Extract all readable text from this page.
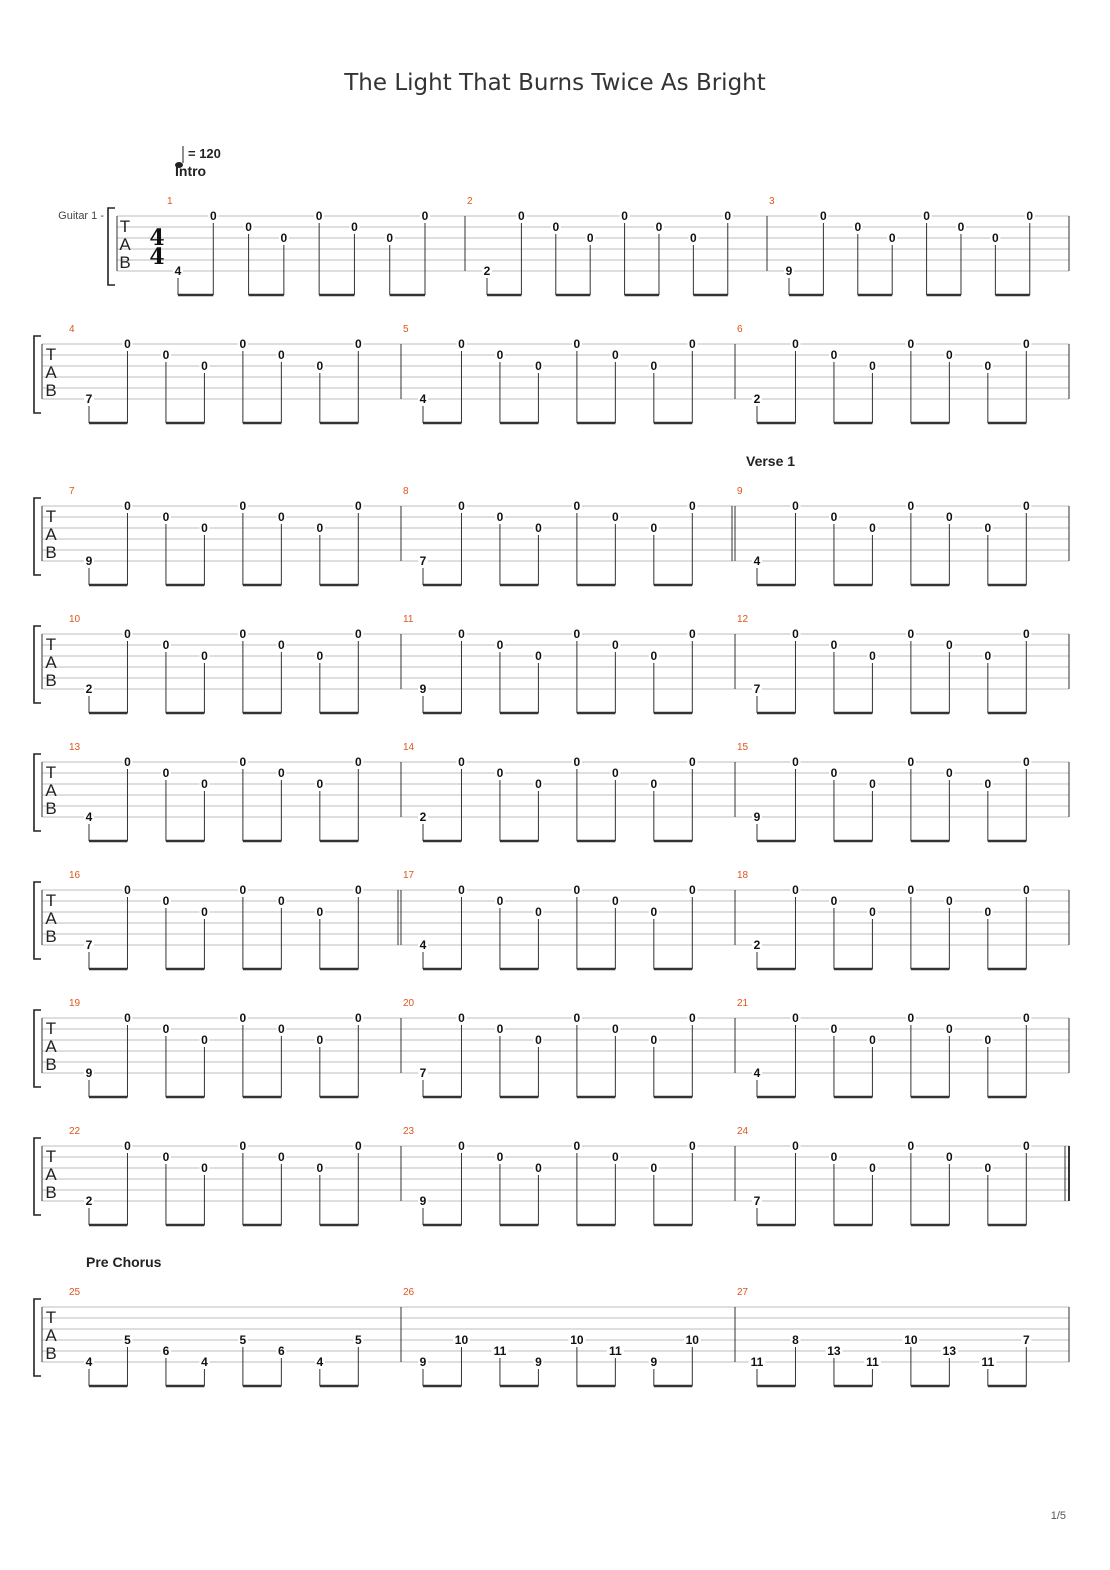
The Light That Burns Twice As Bright
1/5
T
A
B
Guitar 1 -
4
4
= 120
Intro
1
4
0
0
0
0
0
0
0
2
2
0
0
0
0
0
0
0
3
9
0
0
0
0
0
0
0
T
A
B
4
7
0
0
0
0
0
0
0
5
4
0
0
0
0
0
0
0
6
2
0
0
0
0
0
0
0
T
A
B
Verse 1
7
9
0
0
0
0
0
0
0
8
7
0
0
0
0
0
0
0
9
4
0
0
0
0
0
0
0
T
A
B
10
2
0
0
0
0
0
0
0
11
9
0
0
0
0
0
0
0
12
7
0
0
0
0
0
0
0
T
A
B
13
4
0
0
0
0
0
0
0
14
2
0
0
0
0
0
0
0
15
9
0
0
0
0
0
0
0
T
A
B
16
7
0
0
0
0
0
0
0
17
4
0
0
0
0
0
0
0
18
2
0
0
0
0
0
0
0
T
A
B
19
9
0
0
0
0
0
0
0
20
7
0
0
0
0
0
0
0
21
4
0
0
0
0
0
0
0
T
A
B
22
2
0
0
0
0
0
0
0
23
9
0
0
0
0
0
0
0
24
7
0
0
0
0
0
0
0
T
A
B
Pre Chorus
25
4
5
6
4
5
6
4
5
26
9
10
11
9
10
11
9
10
27
11
8
13
11
10
13
11
7
